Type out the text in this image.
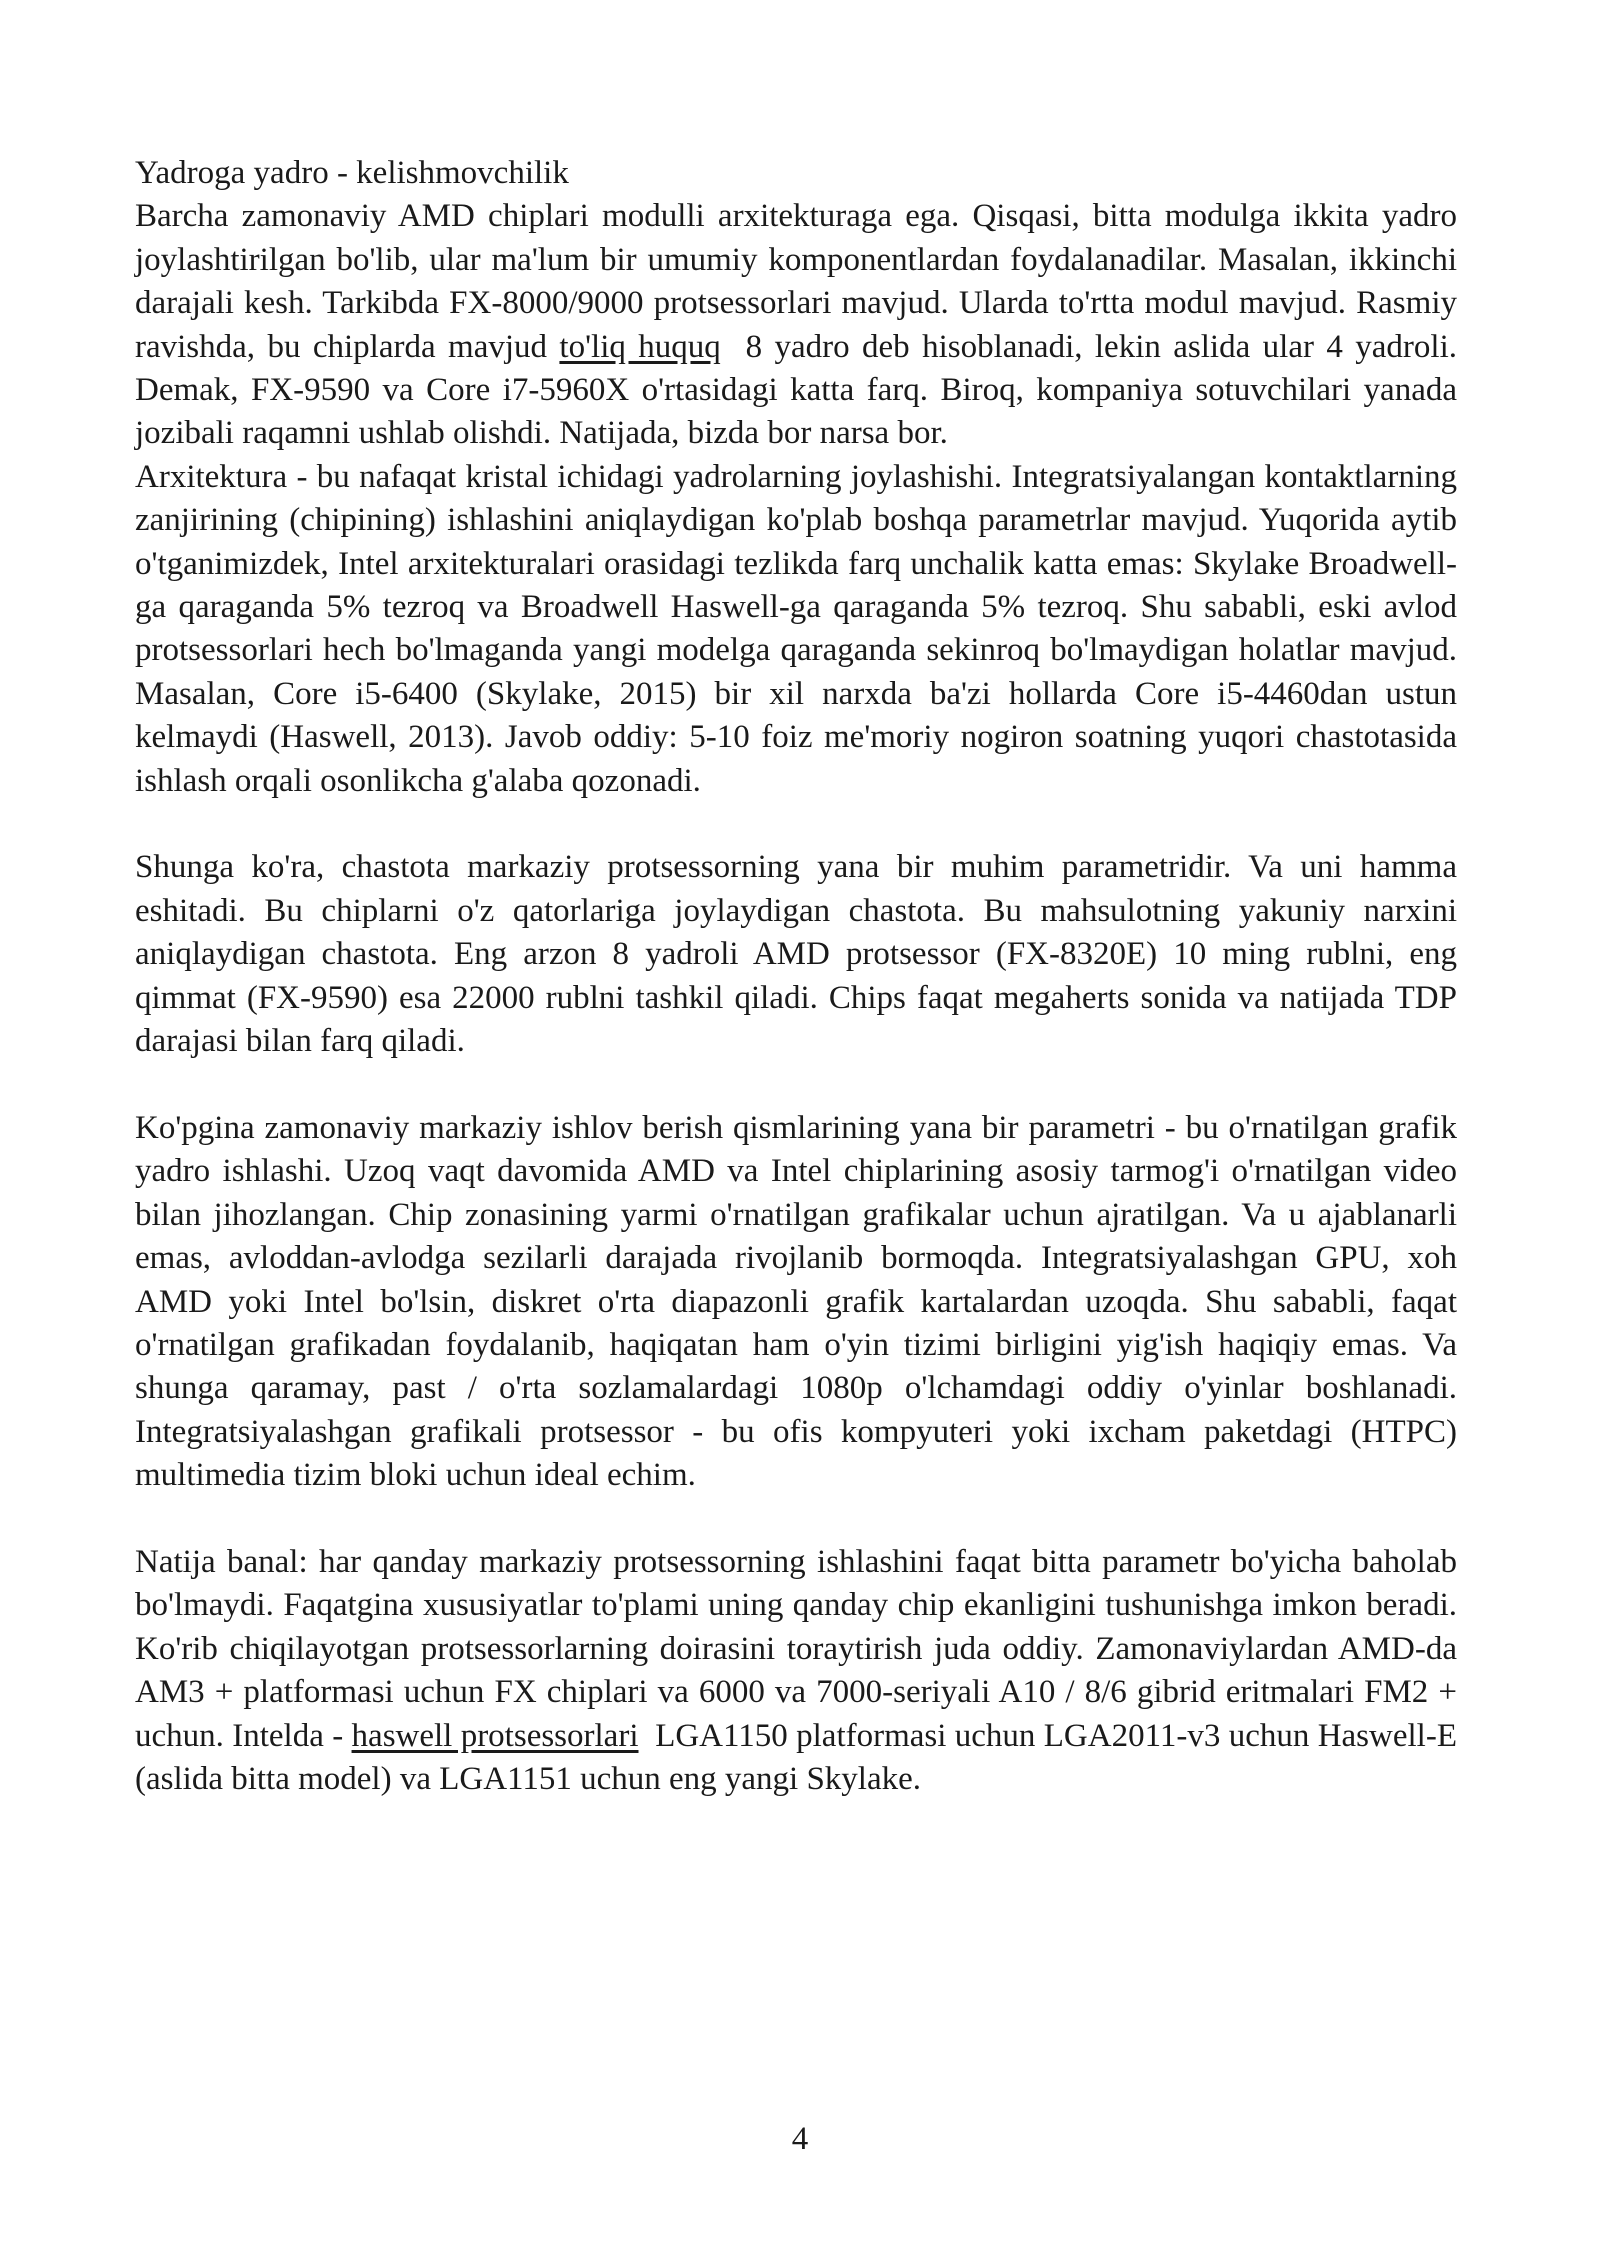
Yadroga yadro - kelishmovchilik

Barcha zamonaviy AMD chiplari modulli arxitekturaga ega. Qisqasi, bitta modulga ikkita yadro joylashtirilgan bo'lib, ular ma'lum bir umumiy komponentlardan foydalanadilar. Masalan, ikkinchi darajali kesh. Tarkibda FX-8000/9000 protsessorlari mavjud. Ularda to'rtta modul mavjud. Rasmiy ravishda, bu chiplarda mavjud to'liq huquq  8 yadro deb hisoblanadi, lekin aslida ular 4 yadroli. Demak, FX-9590 va Core i7-5960X o'rtasidagi katta farq. Biroq, kompaniya sotuvchilari yanada jozibali raqamni ushlab olishdi. Natijada, bizda bor narsa bor.

Arxitektura - bu nafaqat kristal ichidagi yadrolarning joylashishi. Integratsiyalangan kontaktlarning zanjirining (chipining) ishlashini aniqlaydigan ko'plab boshqa parametrlar mavjud. Yuqorida aytib o'tganimizdek, Intel arxitekturalari orasidagi tezlikda farq unchalik katta emas: Skylake Broadwell-ga qaraganda 5% tezroq va Broadwell Haswell-ga qaraganda 5% tezroq. Shu sababli, eski avlod protsessorlari hech bo'lmaganda yangi modelga qaraganda sekinroq bo'lmaydigan holatlar mavjud. Masalan, Core i5-6400 (Skylake, 2015) bir xil narxda ba'zi hollarda Core i5-4460dan ustun kelmaydi (Haswell, 2013). Javob oddiy: 5-10 foiz me'moriy nogiron soatning yuqori chastotasida ishlash orqali osonlikcha g'alaba qozonadi.

Shunga ko'ra, chastota markaziy protsessorning yana bir muhim parametridir. Va uni hamma eshitadi. Bu chiplarni o'z qatorlariga joylaydigan chastota. Bu mahsulotning yakuniy narxini aniqlaydigan chastota. Eng arzon 8 yadroli AMD protsessor (FX-8320E) 10 ming rublni, eng qimmat (FX-9590) esa 22000 rublni tashkil qiladi. Chips faqat megaherts sonida va natijada TDP darajasi bilan farq qiladi.

Ko'pgina zamonaviy markaziy ishlov berish qismlarining yana bir parametri - bu o'rnatilgan grafik yadro ishlashi. Uzoq vaqt davomida AMD va Intel chiplarining asosiy tarmog'i o'rnatilgan video bilan jihozlangan. Chip zonasining yarmi o'rnatilgan grafikalar uchun ajratilgan. Va u ajablanarli emas, avloddan-avlodga sezilarli darajada rivojlanib bormoqda. Integratsiyalashgan GPU, xoh AMD yoki Intel bo'lsin, diskret o'rta diapazonli grafik kartalardan uzoqda. Shu sababli, faqat o'rnatilgan grafikadan foydalanib, haqiqatan ham o'yin tizimi birligini yig'ish haqiqiy emas. Va shunga qaramay, past / o'rta sozlamalardagi 1080p o'lchamdagi oddiy o'yinlar boshlanadi. Integratsiyalashgan grafikali protsessor - bu ofis kompyuteri yoki ixcham paketdagi (HTPC) multimedia tizim bloki uchun ideal echim.

Natija banal: har qanday markaziy protsessorning ishlashini faqat bitta parametr bo'yicha baholab bo'lmaydi. Faqatgina xususiyatlar to'plami uning qanday chip ekanligini tushunishga imkon beradi. Ko'rib chiqilayotgan protsessorlarning doirasini toraytirish juda oddiy. Zamonaviylardan AMD-da AM3 + platformasi uchun FX chiplari va 6000 va 7000-seriyali A10 / 8/6 gibrid eritmalari FM2 + uchun. Intelda - haswell protsessorlari  LGA1150 platformasi uchun LGA2011-v3 uchun Haswell-E (aslida bitta model) va LGA1151 uchun eng yangi Skylake.

4
